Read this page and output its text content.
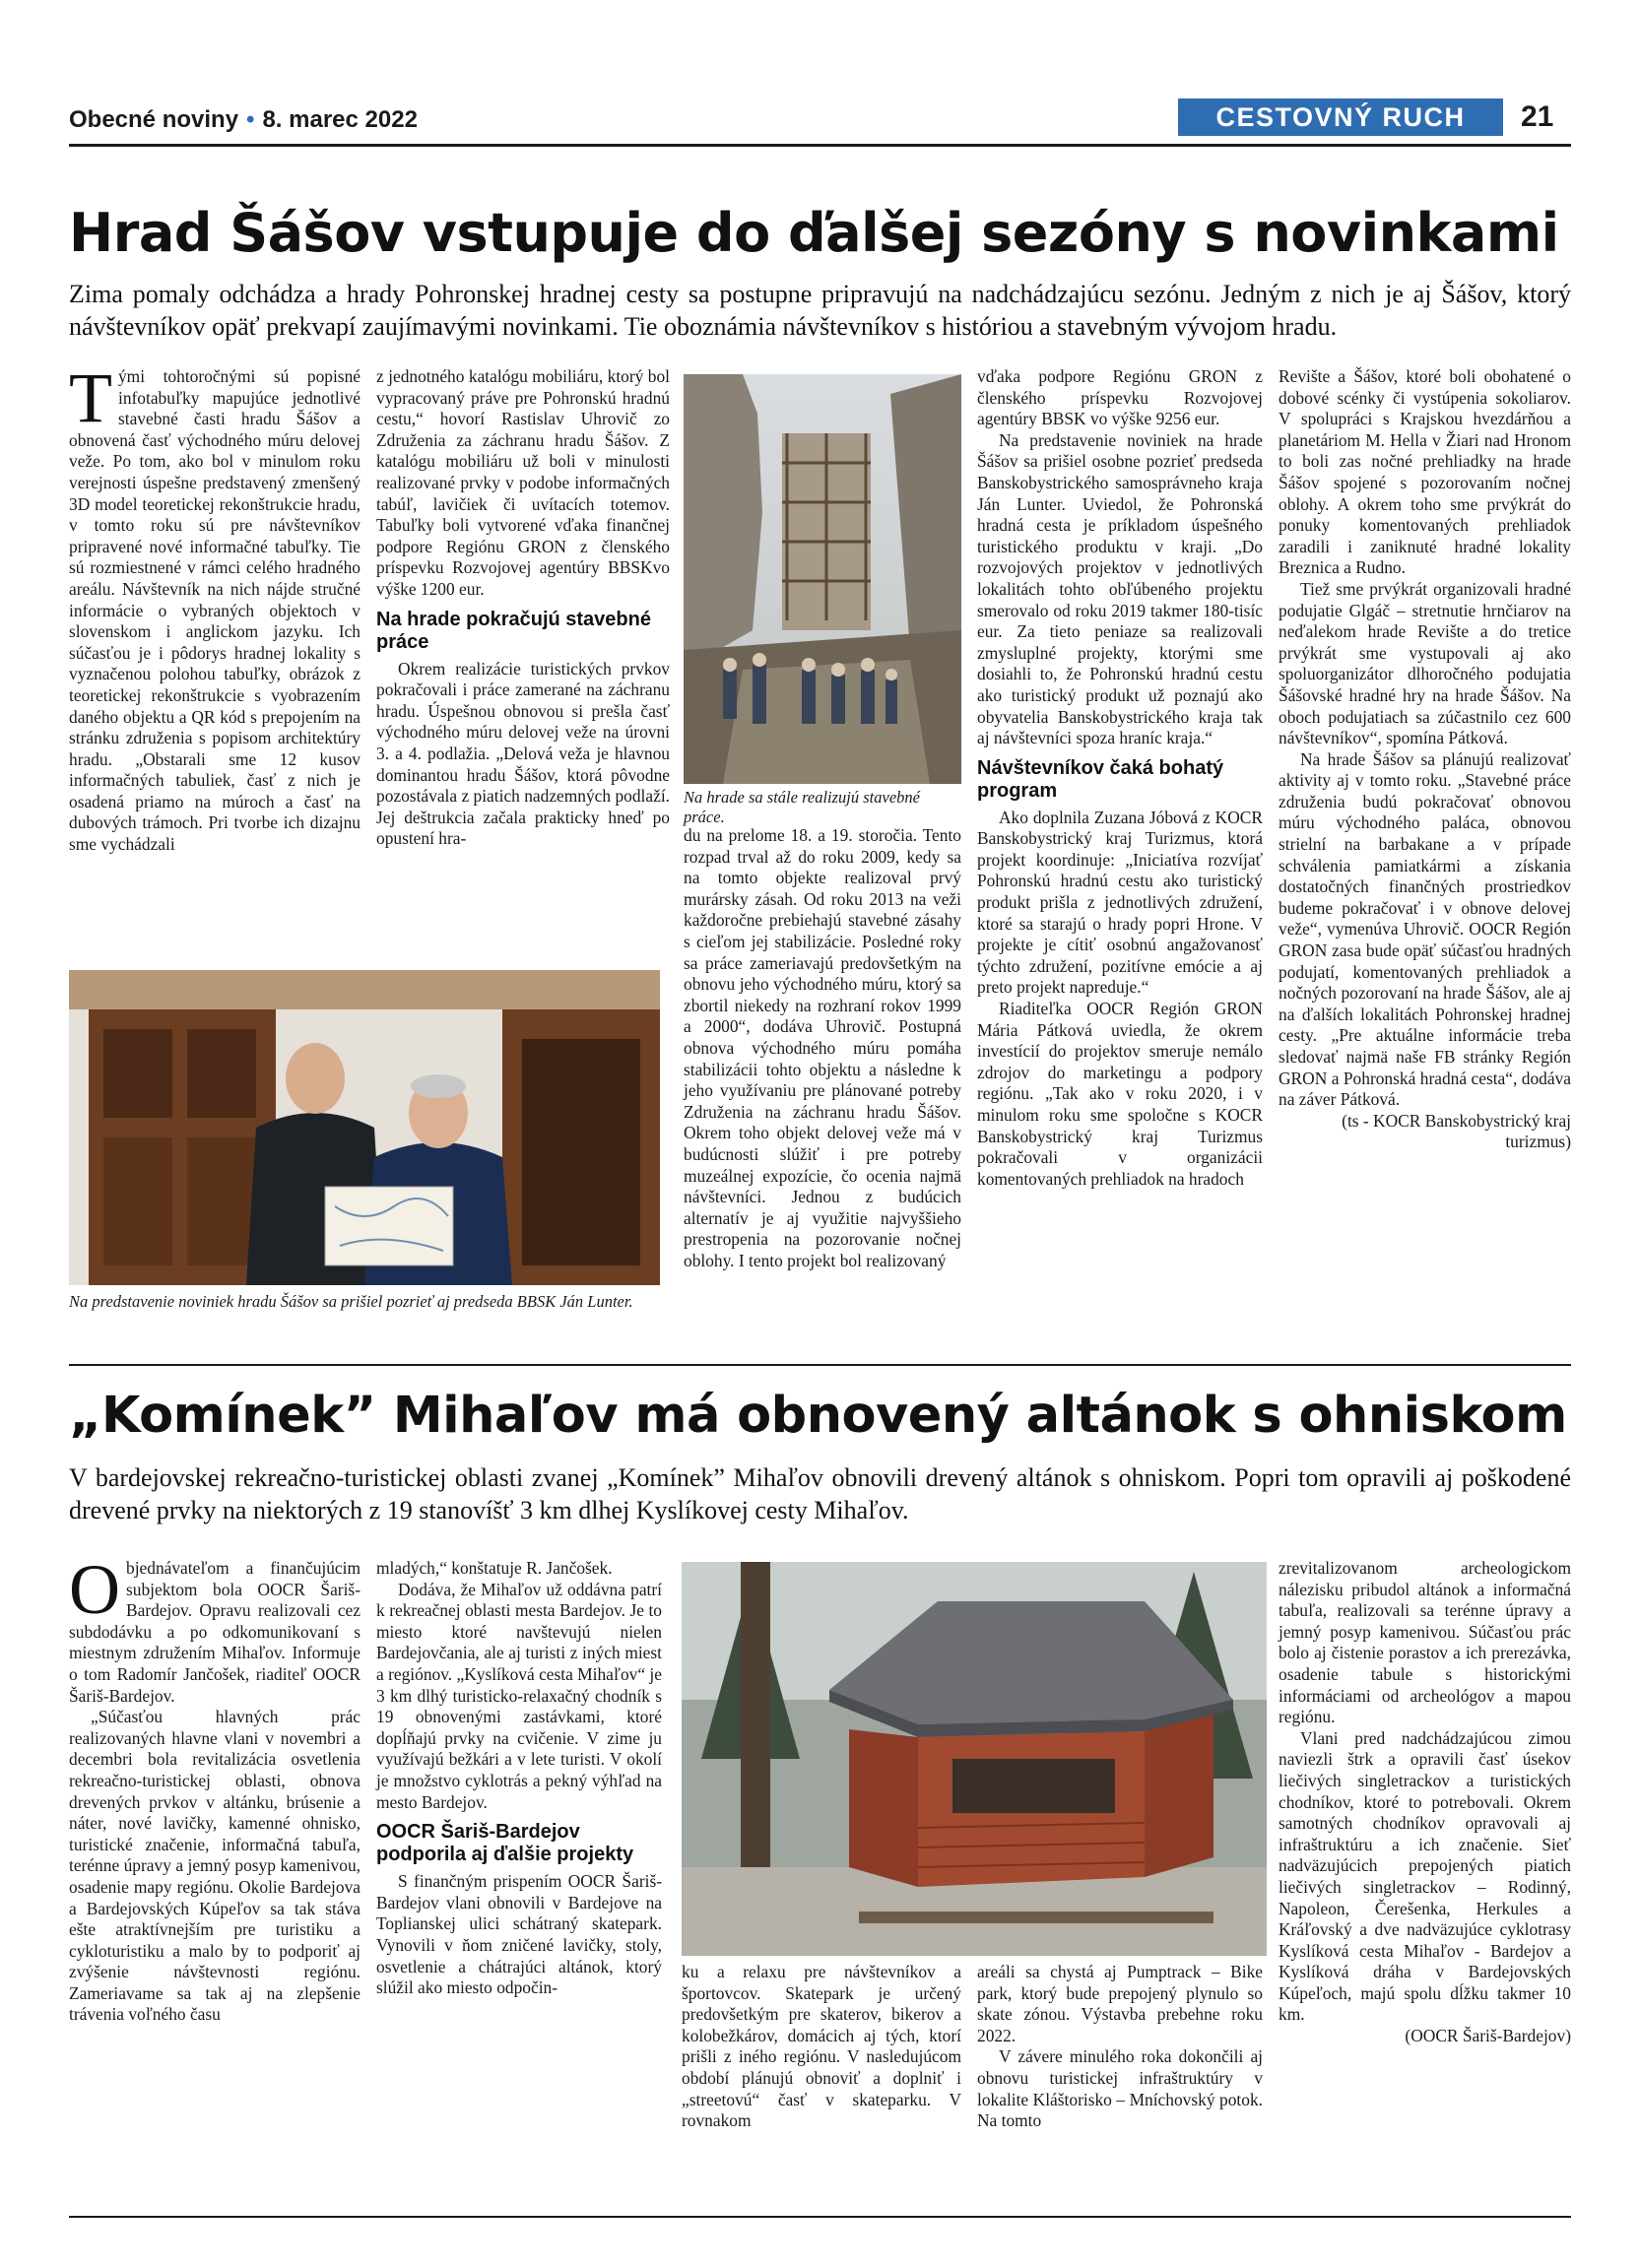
Obecné noviny • 8. marec 2022	CESTOVNÝ RUCH	21
Hrad Šášov vstupuje do ďalšej sezóny s novinkami
Zima pomaly odchádza a hrady Pohronskej hradnej cesty sa postupne pripravujú na nadchádzajúcu sezónu. Jedným z nich je aj Šášov, ktorý návštevníkov opäť prekvapí zaujímavými novinkami. Tie oboznámia návštevníkov s históriou a stavebným vývojom hradu.

Tými tohtoročnými sú popisné infotabuľky mapujúce jednotlivé stavebné časti hradu Šášov a obnovená časť východného múru delovej veže. Po tom, ako bol v minulom roku verejnosti úspešne predstavený zmenšený 3D model teoretickej rekonštrukcie hradu, v tomto roku sú pre návštevníkov pripravené nové informačné tabuľky. Tie sú rozmiestnené v rámci celého hradného areálu. Návštevník na nich nájde stručné informácie o vybraných objektoch v slovenskom i anglickom jazyku. Ich súčasťou je i pôdorys hradnej lokality s vyznačenou polohou tabuľky, obrázok z teoretickej rekonštrukcie s vyobrazením daného objektu a QR kód s prepojením na stránku združenia s popisom architektúry hradu. „Obstarali sme 12 kusov informačných tabuliek, časť z nich je osadená priamo na múroch a časť na dubových trámoch. Pri tvorbe ich dizajnu sme vychádzali

z jednotného katalógu mobiliáru, ktorý bol vypracovaný práve pre Pohronskú hradnú cestu,“ hovorí Rastislav Uhrovič zo Združenia za záchranu hradu Šášov. Z katalógu mobiliáru už boli v minulosti realizované prvky v podobe informačných tabúľ, lavičiek či uvítacích totemov. Tabuľky boli vytvorené vďaka finančnej podpore Regiónu GRON z členského príspevku Rozvojovej agentúry BBSKvo výške 1200 eur.

Na hrade pokračujú stavebné práce

Okrem realizácie turistických prvkov pokračovali i práce zamerané na záchranu hradu. Úspešnou obnovou si prešla časť východného múru delovej veže na úrovni 3. a 4. podlažia. „Delová veža je hlavnou dominantou hradu Šášov, ktorá pôvodne pozostávala z piatich nadzemných podlaží. Jej deštrukcia začala prakticky hneď po opustení hra-

Na hrade sa stále realizujú stavebné práce.
Na predstavenie noviniek hradu Šášov sa prišiel pozrieť aj predseda BBSK Ján Lunter.

du na prelome 18. a 19. storočia. Tento rozpad trval až do roku 2009, kedy sa na tomto objekte realizoval prvý murársky zásah. Od roku 2013 na veži každoročne prebiehajú stavebné zásahy s cieľom jej stabilizácie. Posledné roky sa práce zameriavajú predovšetkým na obnovu jeho východného múru, ktorý sa zbortil niekedy na rozhraní rokov 1999 a 2000“, dodáva Uhrovič. Postupná obnova východného múru pomáha stabilizácii tohto objektu a následne k jeho využívaniu pre plánované potreby Združenia na záchranu hradu Šášov. Okrem toho objekt delovej veže má v budúcnosti slúžiť i pre potreby muzeálnej expozície, čo ocenia najmä návštevníci. Jednou z budúcich alternatív je aj využitie najvyššieho prestropenia na pozorovanie nočnej oblohy. I tento projekt bol realizovaný

vďaka podpore Regiónu GRON z členského príspevku Rozvojovej agentúry BBSK vo výške 9256 eur.

Na predstavenie noviniek na hrade Šášov sa prišiel osobne pozrieť predseda Banskobystrického samosprávneho kraja Ján Lunter. Uviedol, že Pohronská hradná cesta je príkladom úspešného turistického produktu v kraji. „Do rozvojových projektov v jednotlivých lokalitách tohto obľúbeného projektu smerovalo od roku 2019 takmer 180-tisíc eur. Za tieto peniaze sa realizovali zmysluplné projekty, ktorými sme dosiahli to, že Pohronskú hradnú cestu ako turistický produkt už poznajú ako obyvatelia Banskobystrického kraja tak aj návštevníci spoza hraníc kraja.“

Návštevníkov čaká bohatý program

Ako doplnila Zuzana Jóbová z KOCR Banskobystrický kraj Turizmus, ktorá projekt koordinuje: „Iniciatíva rozvíjať Pohronskú hradnú cestu ako turistický produkt prišla z jednotlivých združení, ktoré sa starajú o hrady popri Hrone. V projekte je cítiť osobnú angažovanosť týchto združení, pozitívne emócie a aj preto projekt napreduje.“

Riaditeľka OOCR Región GRON Mária Pátková uviedla, že okrem investícií do projektov smeruje nemálo zdrojov do marketingu a podpory regiónu. „Tak ako v roku 2020, i v minulom roku sme spoločne s KOCR Banskobystrický kraj Turizmus pokračovali v organizácii komentovaných prehliadok na hradoch

Revište a Šášov, ktoré boli obohatené o dobové scénky či vystúpenia sokoliarov. V spolupráci s Krajskou hvezdárňou a planetáriom M. Hella v Žiari nad Hronom to boli zas nočné prehliadky na hrade Šášov spojené s pozorovaním nočnej oblohy. A okrem toho sme prvýkrát do ponuky komentovaných prehliadok zaradili i zaniknuté hradné lokality Breznica a Rudno.

Tiež sme prvýkrát organizovali hradné podujatie Glgáč – stretnutie hrnčiarov na neďalekom hrade Revište a do tretice prvýkrát sme vystupovali aj ako spoluorganizátor dlhoročného podujatia Šášovské hradné hry na hrade Šášov. Na oboch podujatiach sa zúčastnilo cez 600 návštevníkov“, spomína Pátková.

Na hrade Šášov sa plánujú realizovať aktivity aj v tomto roku. „Stavebné práce združenia budú pokračovať obnovou múru východného paláca, obnovou strielní na barbakane a v prípade schválenia pamiatkármi a získania dostatočných finančných prostriedkov budeme pokračovať i v obnove delovej veže“, vymenúva Uhrovič. OOCR Región GRON zasa bude opäť súčasťou hradných podujatí, komentovaných prehliadok a nočných pozorovaní na hrade Šášov, ale aj na ďalších lokalitách Pohronskej hradnej cesty. „Pre aktuálne informácie treba sledovať najmä naše FB stránky Región GRON a Pohronská hradná cesta“, dodáva na záver Pátková.

(ts - KOCR Banskobystrický kraj turizmus)

„Komínek” Mihaľov má obnovený altánok s ohniskom
V bardejovskej rekreačno-turistickej oblasti zvanej „Komínek” Mihaľov obnovili drevený altánok s ohniskom. Popri tom opravili aj poškodené drevené prvky na niektorých z 19 stanovíšť 3 km dlhej Kyslíkovej cesty Mihaľov.

Objednávateľom a finančujúcim subjektom bola OOCR Šariš-Bardejov. Opravu realizovali cez subdodávku a po odkomunikovaní s miestnym združením Mihaľov. Informuje o tom Radomír Jančošek, riaditeľ OOCR Šariš-Bardejov.

„Súčasťou hlavných prác realizovaných hlavne vlani v novembri a decembri bola revitalizácia osvetlenia rekreačno-turistickej oblasti, obnova drevených prvkov v altánku, brúsenie a náter, nové lavičky, kamenné ohnisko, turistické značenie, informačná tabuľa, terénne úpravy a jemný posyp kamenivou, osadenie mapy regiónu. Okolie Bardejova a Bardejovských Kúpeľov sa tak stáva ešte atraktívnejším pre turistiku a cykloturistiku a malo by to podporiť aj zvýšenie návštevnosti regiónu. Zameriavame sa tak aj na zlepšenie trávenia voľného času

mladých,“ konštatuje R. Jančošek.

Dodáva, že Mihaľov už oddávna patrí k rekreačnej oblasti mesta Bardejov. Je to miesto ktoré navštevujú nielen Bardejovčania, ale aj turisti z iných miest a regiónov. „Kyslíková cesta Mihaľov“ je 3 km dlhý turisticko-relaxačný chodník s 19 obnovenými zastávkami, ktoré dopĺňajú prvky na cvičenie. V zime ju využívajú bežkári a v lete turisti. V okolí je množstvo cyklotrás a pekný výhľad na mesto Bardejov.

OOCR Šariš-Bardejov podporila aj ďalšie projekty

S finančným prispením OOCR Šariš-Bardejov vlani obnovili v Bardejove na Toplianskej ulici schátraný skatepark. Vynovili v ňom zničené lavičky, stoly, osvetlenie a chátrajúci altánok, ktorý slúžil ako miesto odpočin-

ku a relaxu pre návštevníkov a športovcov. Skatepark je určený predovšetkým pre skaterov, bikerov a kolobežkárov, domácich aj tých, ktorí prišli z iného regiónu. V nasledujúcom období plánujú obnoviť a doplniť i „streetovú“ časť v skateparku. V rovnakom

areáli sa chystá aj Pumptrack – Bike park, ktorý bude prepojený plynulo so skate zónou. Výstavba prebehne roku 2022.

V závere minulého roka dokončili aj obnovu turistickej infraštruktúry v lokalite Kláštorisko – Mníchovský potok. Na tomto

zrevitalizovanom archeologickom nálezisku pribudol altánok a informačná tabuľa, realizovali sa terénne úpravy a jemný posyp kamenivou. Súčasťou prác bolo aj čistenie porastov a ich prerezávka, osadenie tabule s historickými informáciami od archeológov a mapou regiónu.

Vlani pred nadchádzajúcou zimou naviezli štrk a opravili časť úsekov liečivých singletrackov a turistických chodníkov, ktoré to potrebovali. Okrem samotných chodníkov opravovali aj infraštruktúru a ich značenie. Sieť nadväzujúcich prepojených piatich liečivých singletrackov – Rodinný, Napoleon, Čerešenka, Herkules a Kráľovský a dve nadväzujúce cyklotrasy Kyslíková cesta Mihaľov - Bardejov a Kyslíková dráha v Bardejovských Kúpeľoch, majú spolu dĺžku takmer 10 km.

(OOCR Šariš-Bardejov)
